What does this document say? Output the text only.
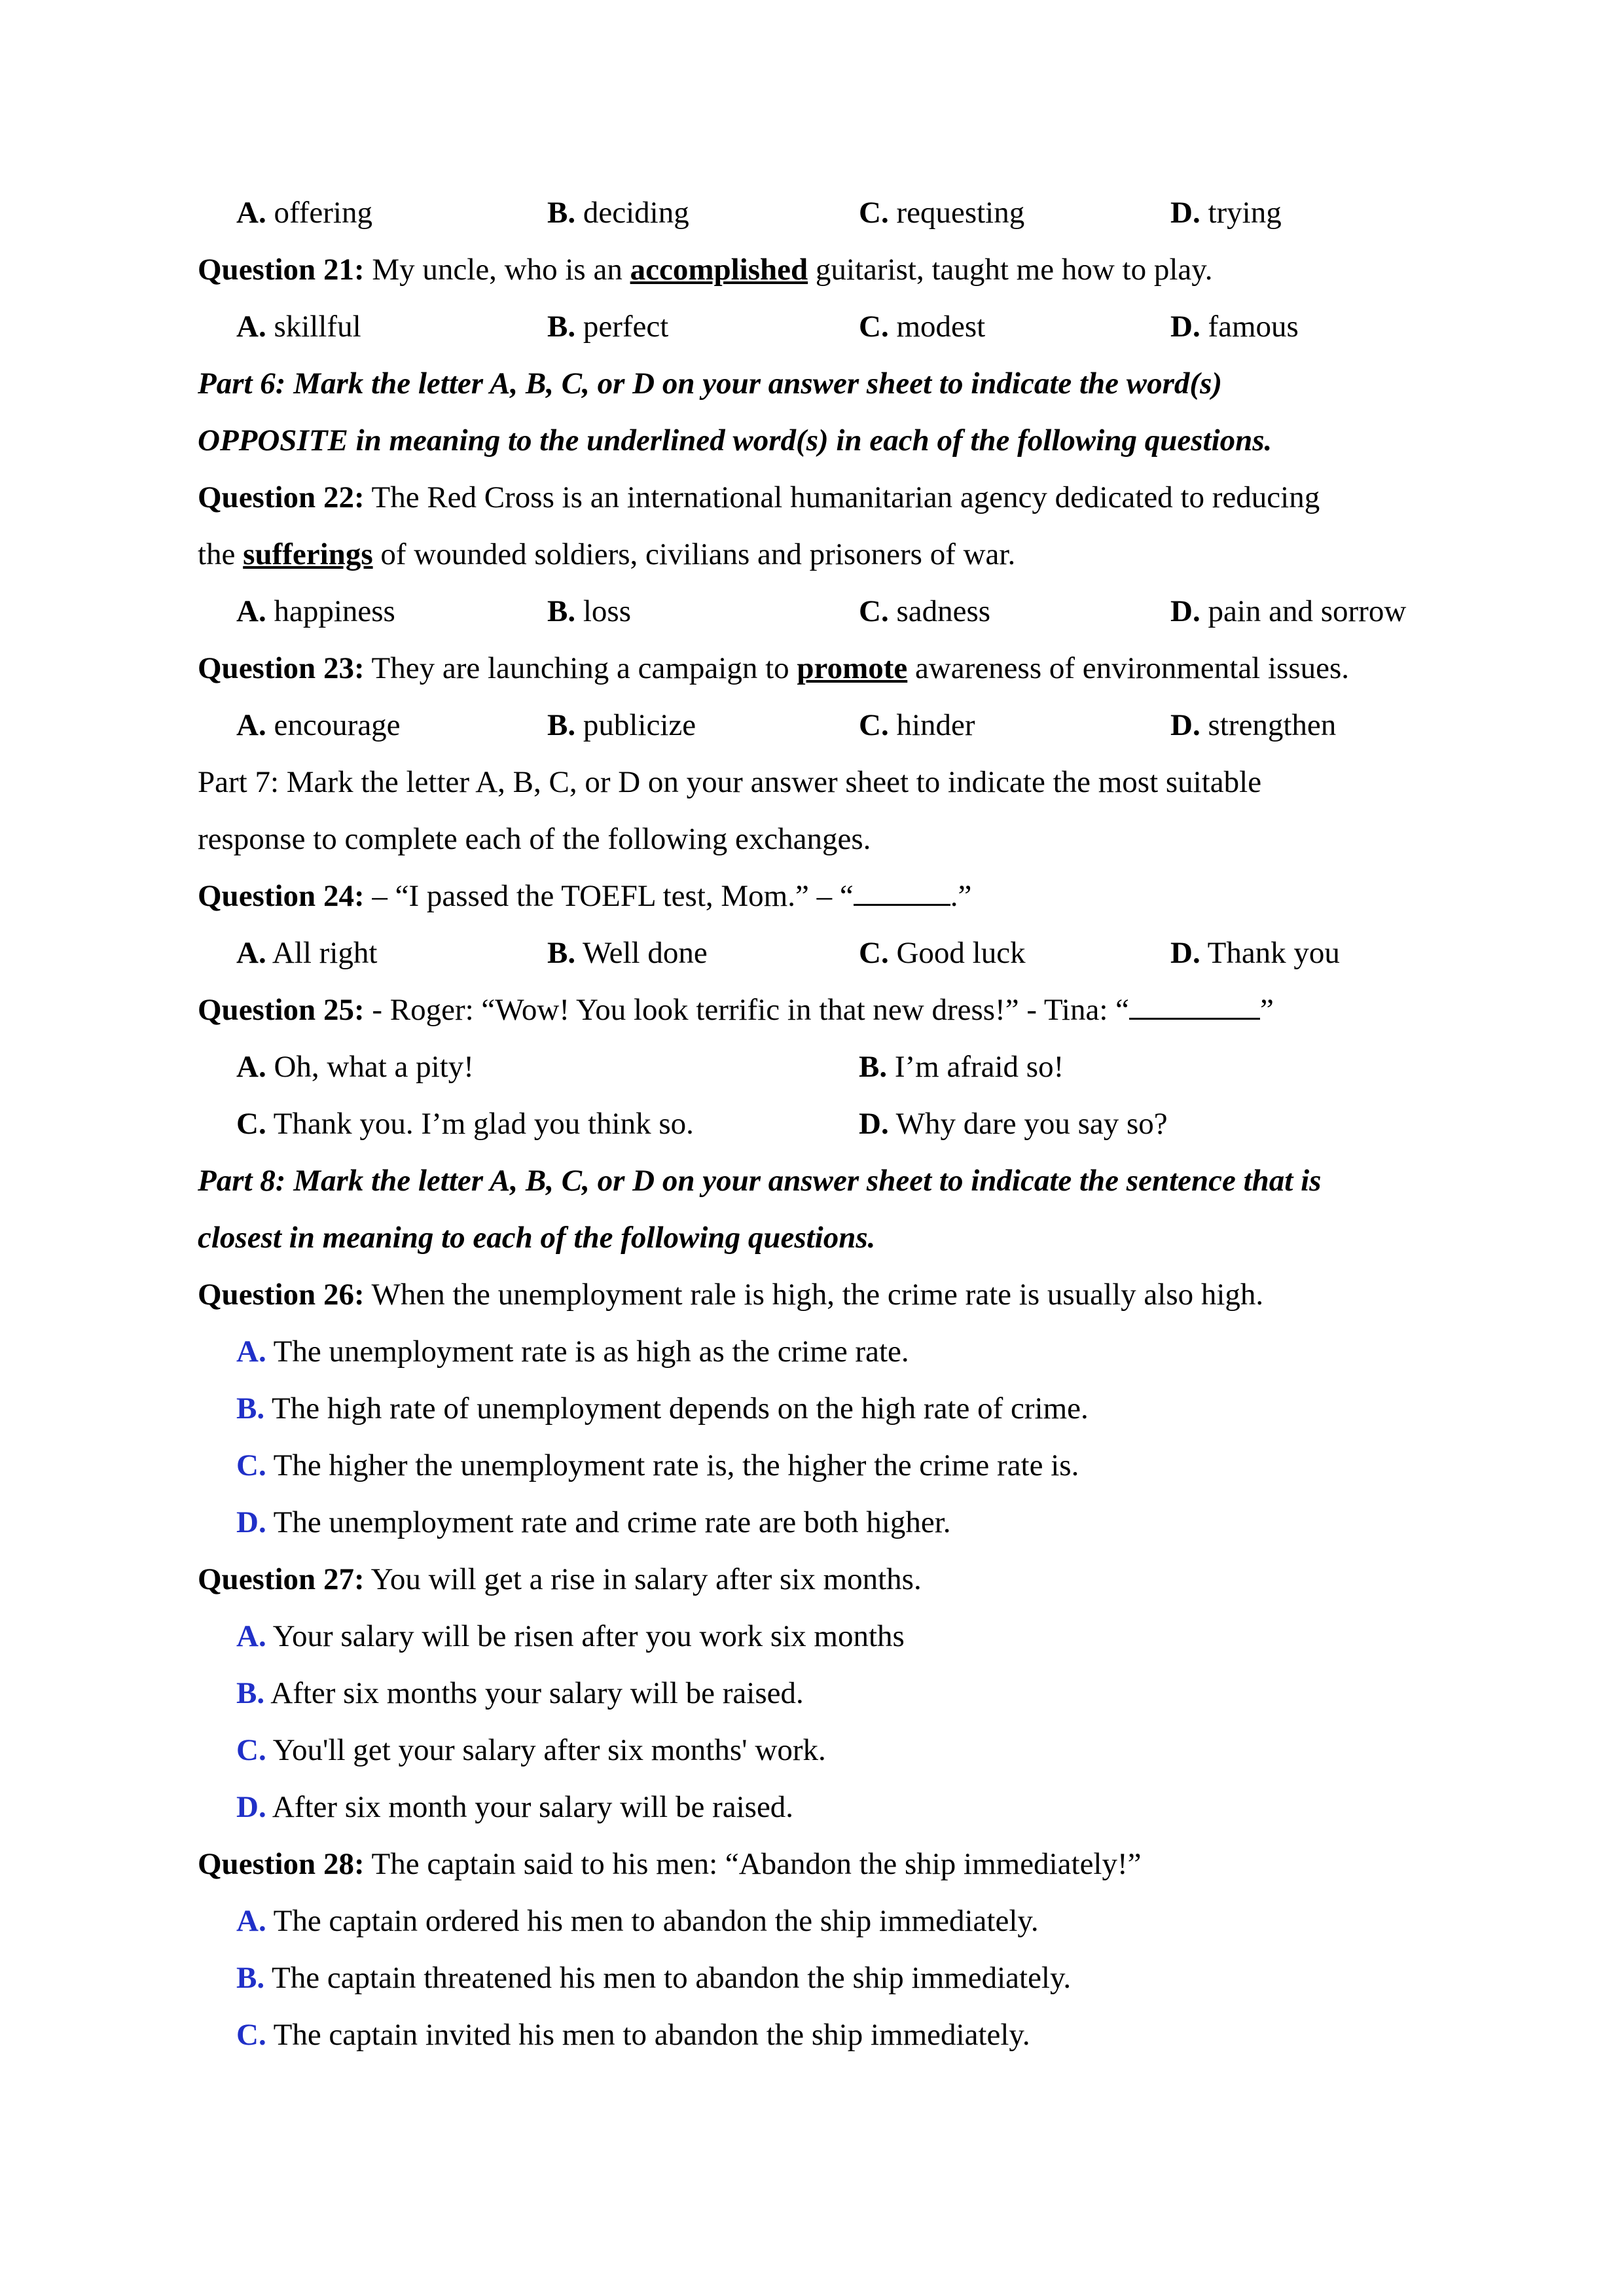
A. offering	B. deciding	C. requesting	D. trying
Question 21: My uncle, who is an accomplished guitarist, taught me how to play.
A. skillful	B. perfect	C. modest	D. famous
Part 6: Mark the letter A, B, C, or D on your answer sheet to indicate the word(s)
OPPOSITE in meaning to the underlined word(s) in each of the following questions.
Question 22: The Red Cross is an international humanitarian agency dedicated to reducing
the sufferings of wounded soldiers, civilians and prisoners of war.
A. happiness	B. loss	C. sadness	D. pain and sorrow
Question 23: They are launching a campaign to promote awareness of environmental issues.
A. encourage	B. publicize	C. hinder	D. strengthen
Part 7: Mark the letter A, B, C, or D on your answer sheet to indicate the most suitable
response to complete each of the following exchanges.
Question 24: – “I passed the TOEFL test, Mom.” – “	.”
A. All right	B. Well done	C. Good luck	D. Thank you
Question 25: - Roger: “Wow! You look terrific in that new dress!” - Tina: “	”
A. Oh, what a pity!	B. I’m afraid so!
C. Thank you. I’m glad you think so.	D. Why dare you say so?
Part 8: Mark the letter A, B, C, or D on your answer sheet to indicate the sentence that is
closest in meaning to each of the following questions.
Question 26: When the unemployment rale is high, the crime rate is usually also high.
A. The unemployment rate is as high as the crime rate.
B. The high rate of unemployment depends on the high rate of crime.
C. The higher the unemployment rate is, the higher the crime rate is.
D. The unemployment rate and crime rate are both higher.
Question 27: You will get a rise in salary after six months.
A. Your salary will be risen after you work six months
B. After six months your salary will be raised.
C. You'll get your salary after six months' work.
D. After six month your salary will be raised.
Question 28: The captain said to his men: “Abandon the ship immediately!”
A. The captain ordered his men to abandon the ship immediately.
B. The captain threatened his men to abandon the ship immediately.
C. The captain invited his men to abandon the ship immediately.
